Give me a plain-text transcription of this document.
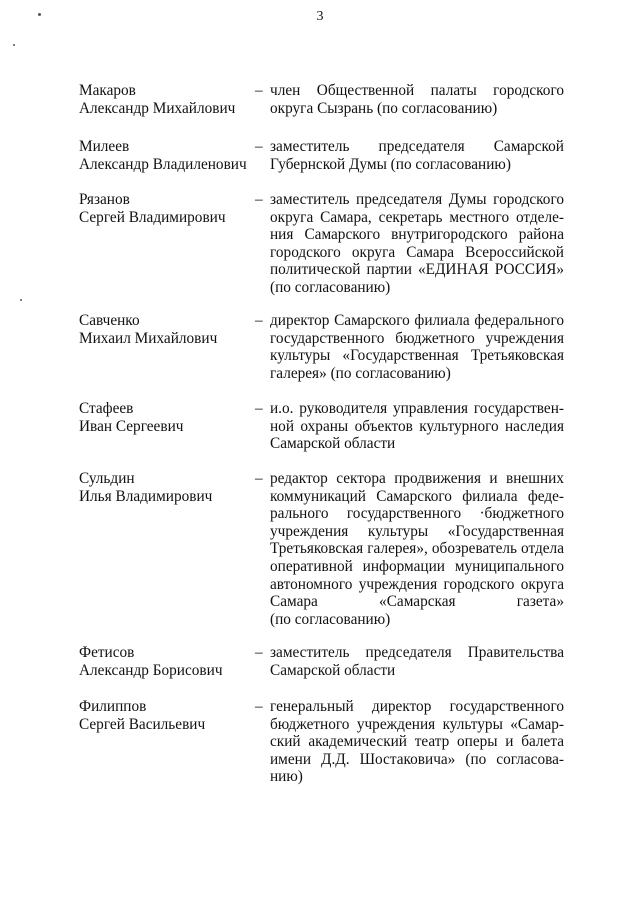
3
Макаров
Александр Михайлович
– член Общественной палаты городского
округа Сызрань (по согласованию)
Милеев
Александр Владиленович
– заместитель председателя Самарской
Губернской Думы (по согласованию)
Рязанов
Сергей Владимирович
– заместитель председателя Думы городского
округа Самара, секретарь местного отделе-
ния Самарского внутригородского района
городского округа Самара Всероссийской
политической партии «ЕДИНАЯ РОССИЯ»
(по согласованию)
Савченко
Михаил Михайлович
– директор Самарского филиала федерального
государственного бюджетного учреждения
культуры «Государственная Третьяковская
галерея» (по согласованию)
Стафеев
Иван Сергеевич
– и.о. руководителя управления государствен-
ной охраны объектов культурного наследия
Самарской области
Сульдин
Илья Владимирович
– редактор сектора продвижения и внешних
коммуникаций Самарского филиала феде-
рального государственного ·бюджетного
учреждения культуры «Государственная
Третьяковская галерея», обозреватель отдела
оперативной информации муниципального
автономного учреждения городского округа
Самара «Самарская газета»
(по согласованию)
Фетисов
Александр Борисович
– заместитель председателя Правительства
Самарской области
Филиппов
Сергей Васильевич
– генеральный директор государственного
бюджетного учреждения культуры «Самар-
ский академический театр оперы и балета
имени Д.Д. Шостаковича» (по согласова-
нию)
